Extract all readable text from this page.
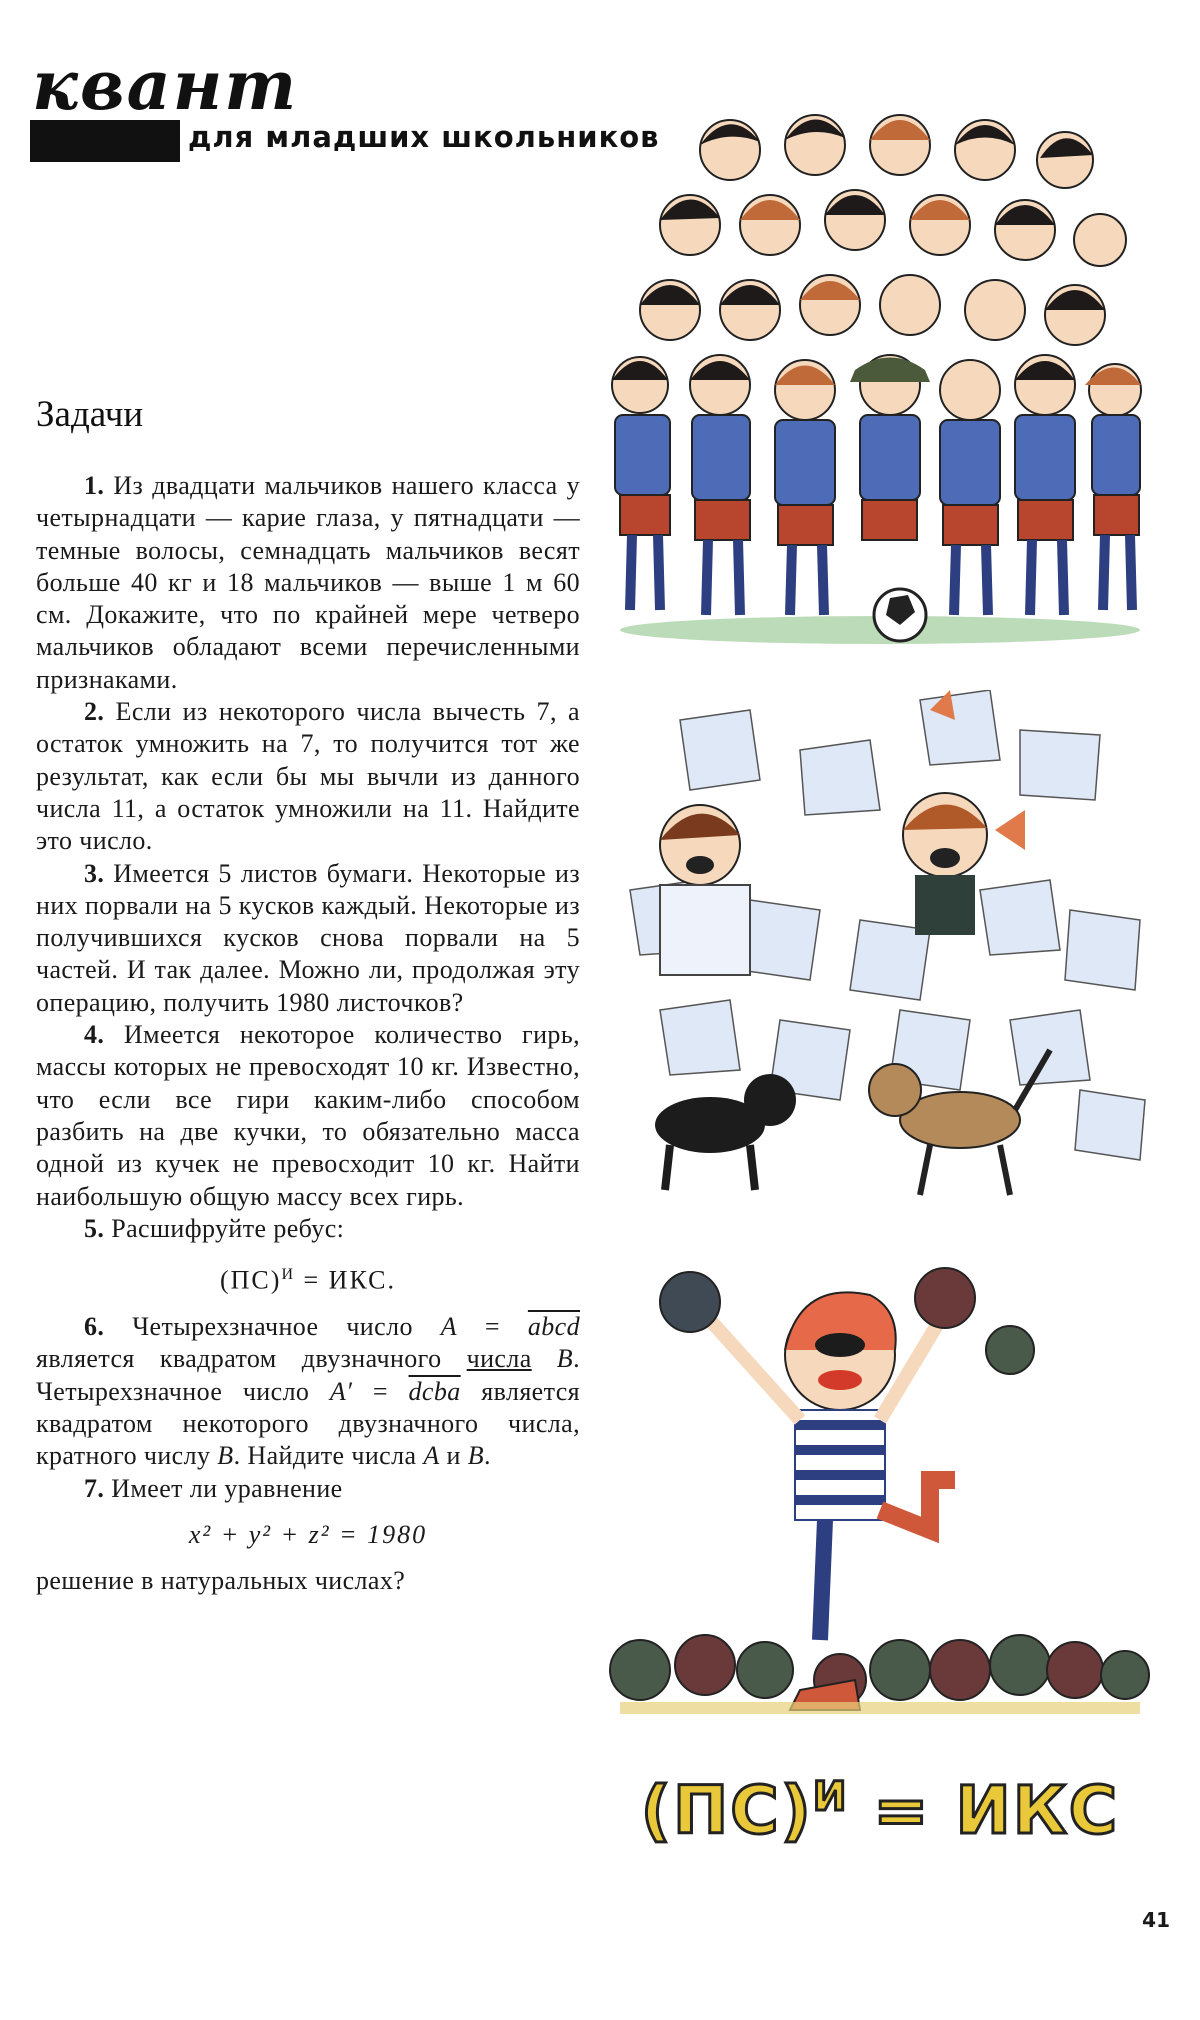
квант
для младших школьников
Задачи

1. Из двадцати мальчиков нашего класса у четырнадцати — карие глаза, у пятнадцати — темные волосы, семнадцать мальчиков весят больше 40 кг и 18 мальчиков — выше 1 м 60 см. Докажите, что по крайней мере четверо мальчиков обладают всеми перечисленными признаками.

2. Если из некоторого числа вычесть 7, а остаток умножить на 7, то получится тот же результат, как если бы мы вычли из данного числа 11, а остаток умножили на 11. Найдите это число.

3. Имеется 5 листов бумаги. Некоторые из них порвали на 5 кусков каждый. Некоторые из получившихся кусков снова порвали на 5 частей. И так далее. Можно ли, продолжая эту операцию, получить 1980 листочков?

4. Имеется некоторое количество гирь, массы которых не превосходят 10 кг. Известно, что если все гири каким-либо способом разбить на две кучки, то обязательно масса одной из кучек не превосходит 10 кг. Найти наибольшую общую массу всех гирь.

5. Расшифруйте ребус:

(ПС)$^И$ = ИКС.

6. Четырехзначное число A = abcd является квадратом двузначного числа B. Четырехзначное число A′ = dcba является квадратом некоторого двузначного числа, кратного числу B. Найдите числа A и B.

7. Имеет ли уравнение

x² + y² + z² = 1980

решение в натуральных числах?

(ПС)$^И$ = ИКС
41
